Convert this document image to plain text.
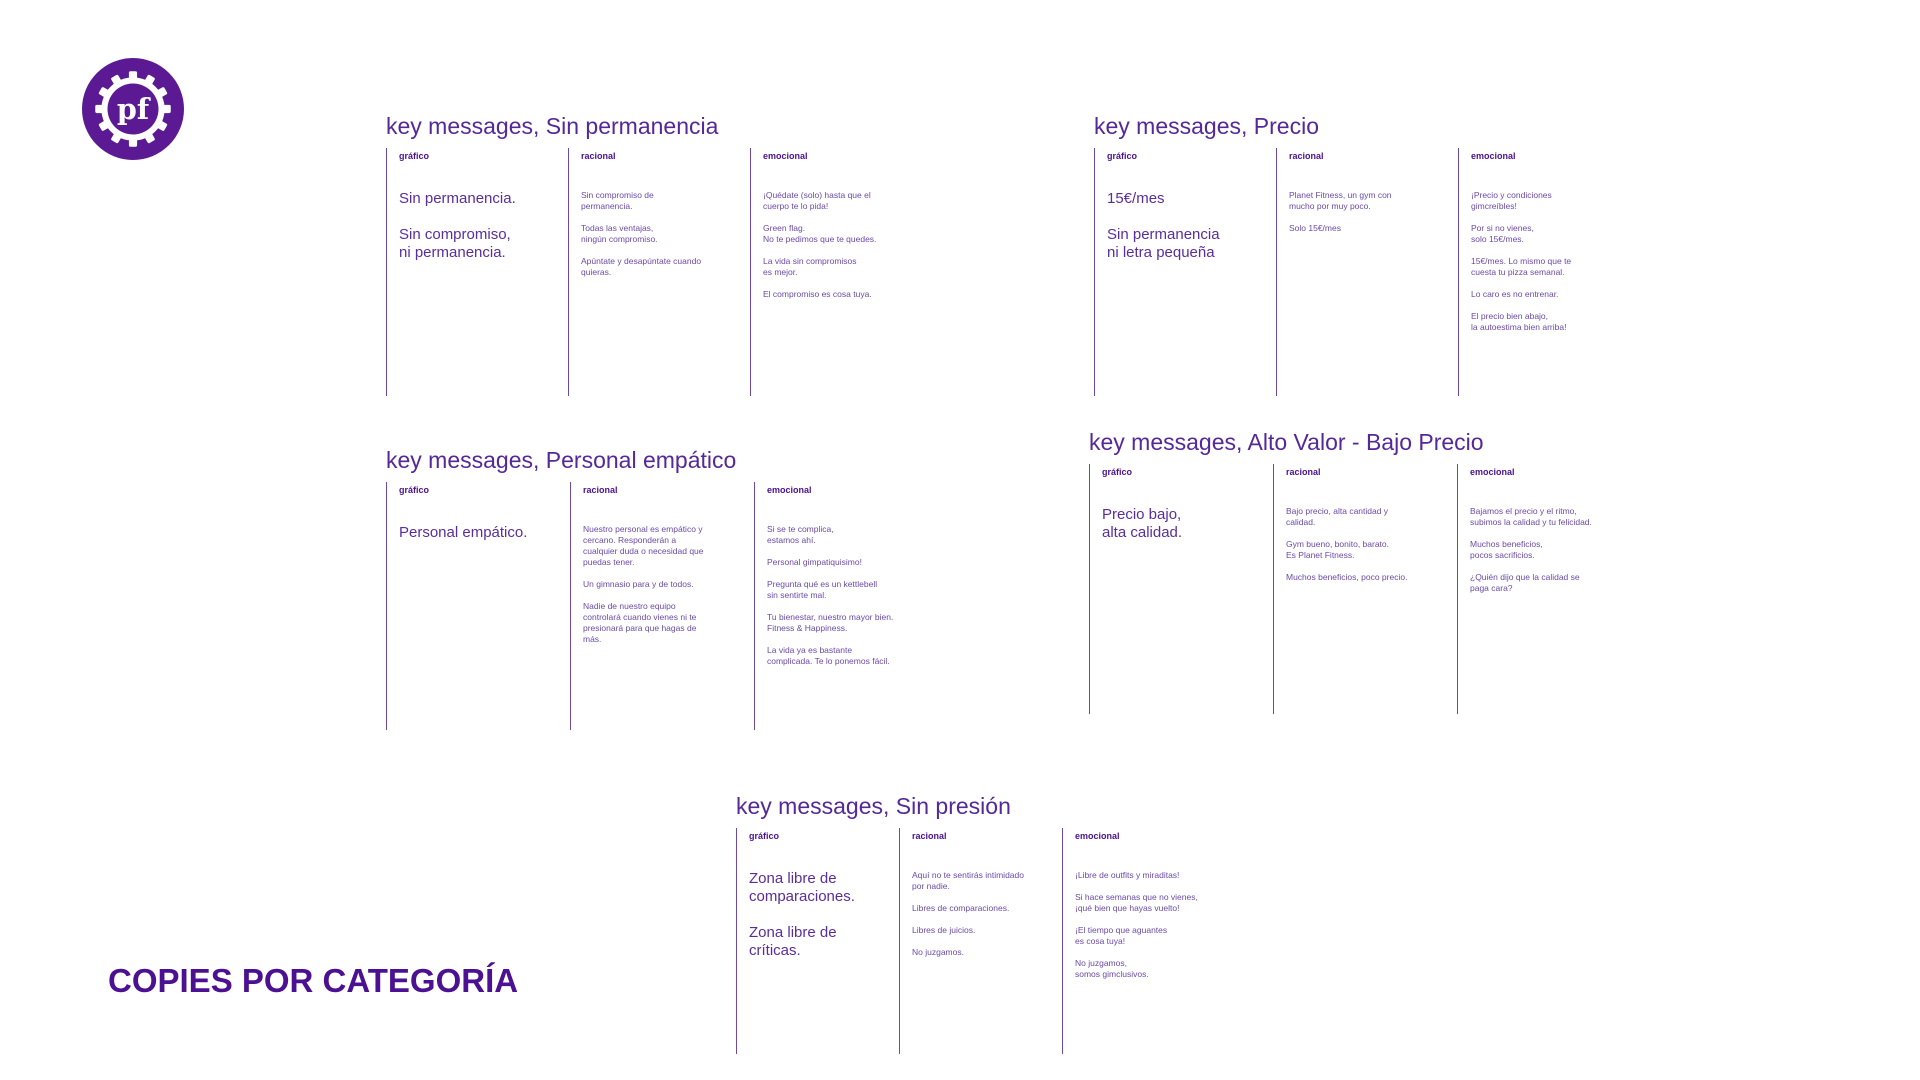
pf
COPIES POR CATEGORÍA
key messages, Sin permanencia
gráfico

Sin permanencia.

Sin compromiso,
ni permanencia.

racional

Sin compromiso de
permanencia.

Todas las ventajas,
ningún compromiso.

Apúntate y desapúntate cuando
quieras.

emocional

¡Quédate (solo) hasta que el
cuerpo te lo pida!

Green flag.
No te pedimos que te quedes.

La vida sin compromisos
es mejor.

El compromiso es cosa tuya.

key messages, Precio
gráfico

15€/mes

Sin permanencia
ni letra pequeña

racional

Planet Fitness, un gym con
mucho por muy poco.

Solo 15€/mes

emocional

¡Precio y condiciones
gimcreíbles!

Por si no vienes,
solo 15€/mes.

15€/mes. Lo mismo que te
cuesta tu pizza semanal.

Lo caro es no entrenar.

El precio bien abajo,
la autoestima bien arriba!

key messages, Personal empático
gráfico

Personal empático.

racional

Nuestro personal es empático y
cercano. Responderán a
cualquier duda o necesidad que
puedas tener.

Un gimnasio para y de todos.

Nadie de nuestro equipo
controlará cuando vienes ni te
presionará para que hagas de
más.

emocional

Si se te complica,
estamos ahí.

Personal gimpatiquisimo!

Pregunta qué es un kettlebell
sin sentirte mal.

Tu bienestar, nuestro mayor bien.
Fitness & Happiness.

La vida ya es bastante
complicada. Te lo ponemos fácil.

key messages, Alto Valor - Bajo Precio
gráfico

Precio bajo,
alta calidad.

racional

Bajo precio, alta cantidad y
calidad.

Gym bueno, bonito, barato.
Es Planet Fitness.

Muchos beneficios, poco precio.

emocional

Bajamos el precio y el ritmo,
subimos la calidad y tu felicidad.

Muchos beneficios,
pocos sacrificios.

¿Quién dijo que la calidad se
paga cara?

key messages, Sin presión
gráfico

Zona libre de
comparaciones.

Zona libre de
críticas.

racional

Aquí no te sentirás intimidado
por nadie.

Libres de comparaciones.

Libres de juicios.

No juzgamos.

emocional

¡Libre de outfits y miraditas!

Si hace semanas que no vienes,
¡qué bien que hayas vuelto!

¡El tiempo que aguantes
es cosa tuya!

No juzgamos,
somos gimclusivos.
